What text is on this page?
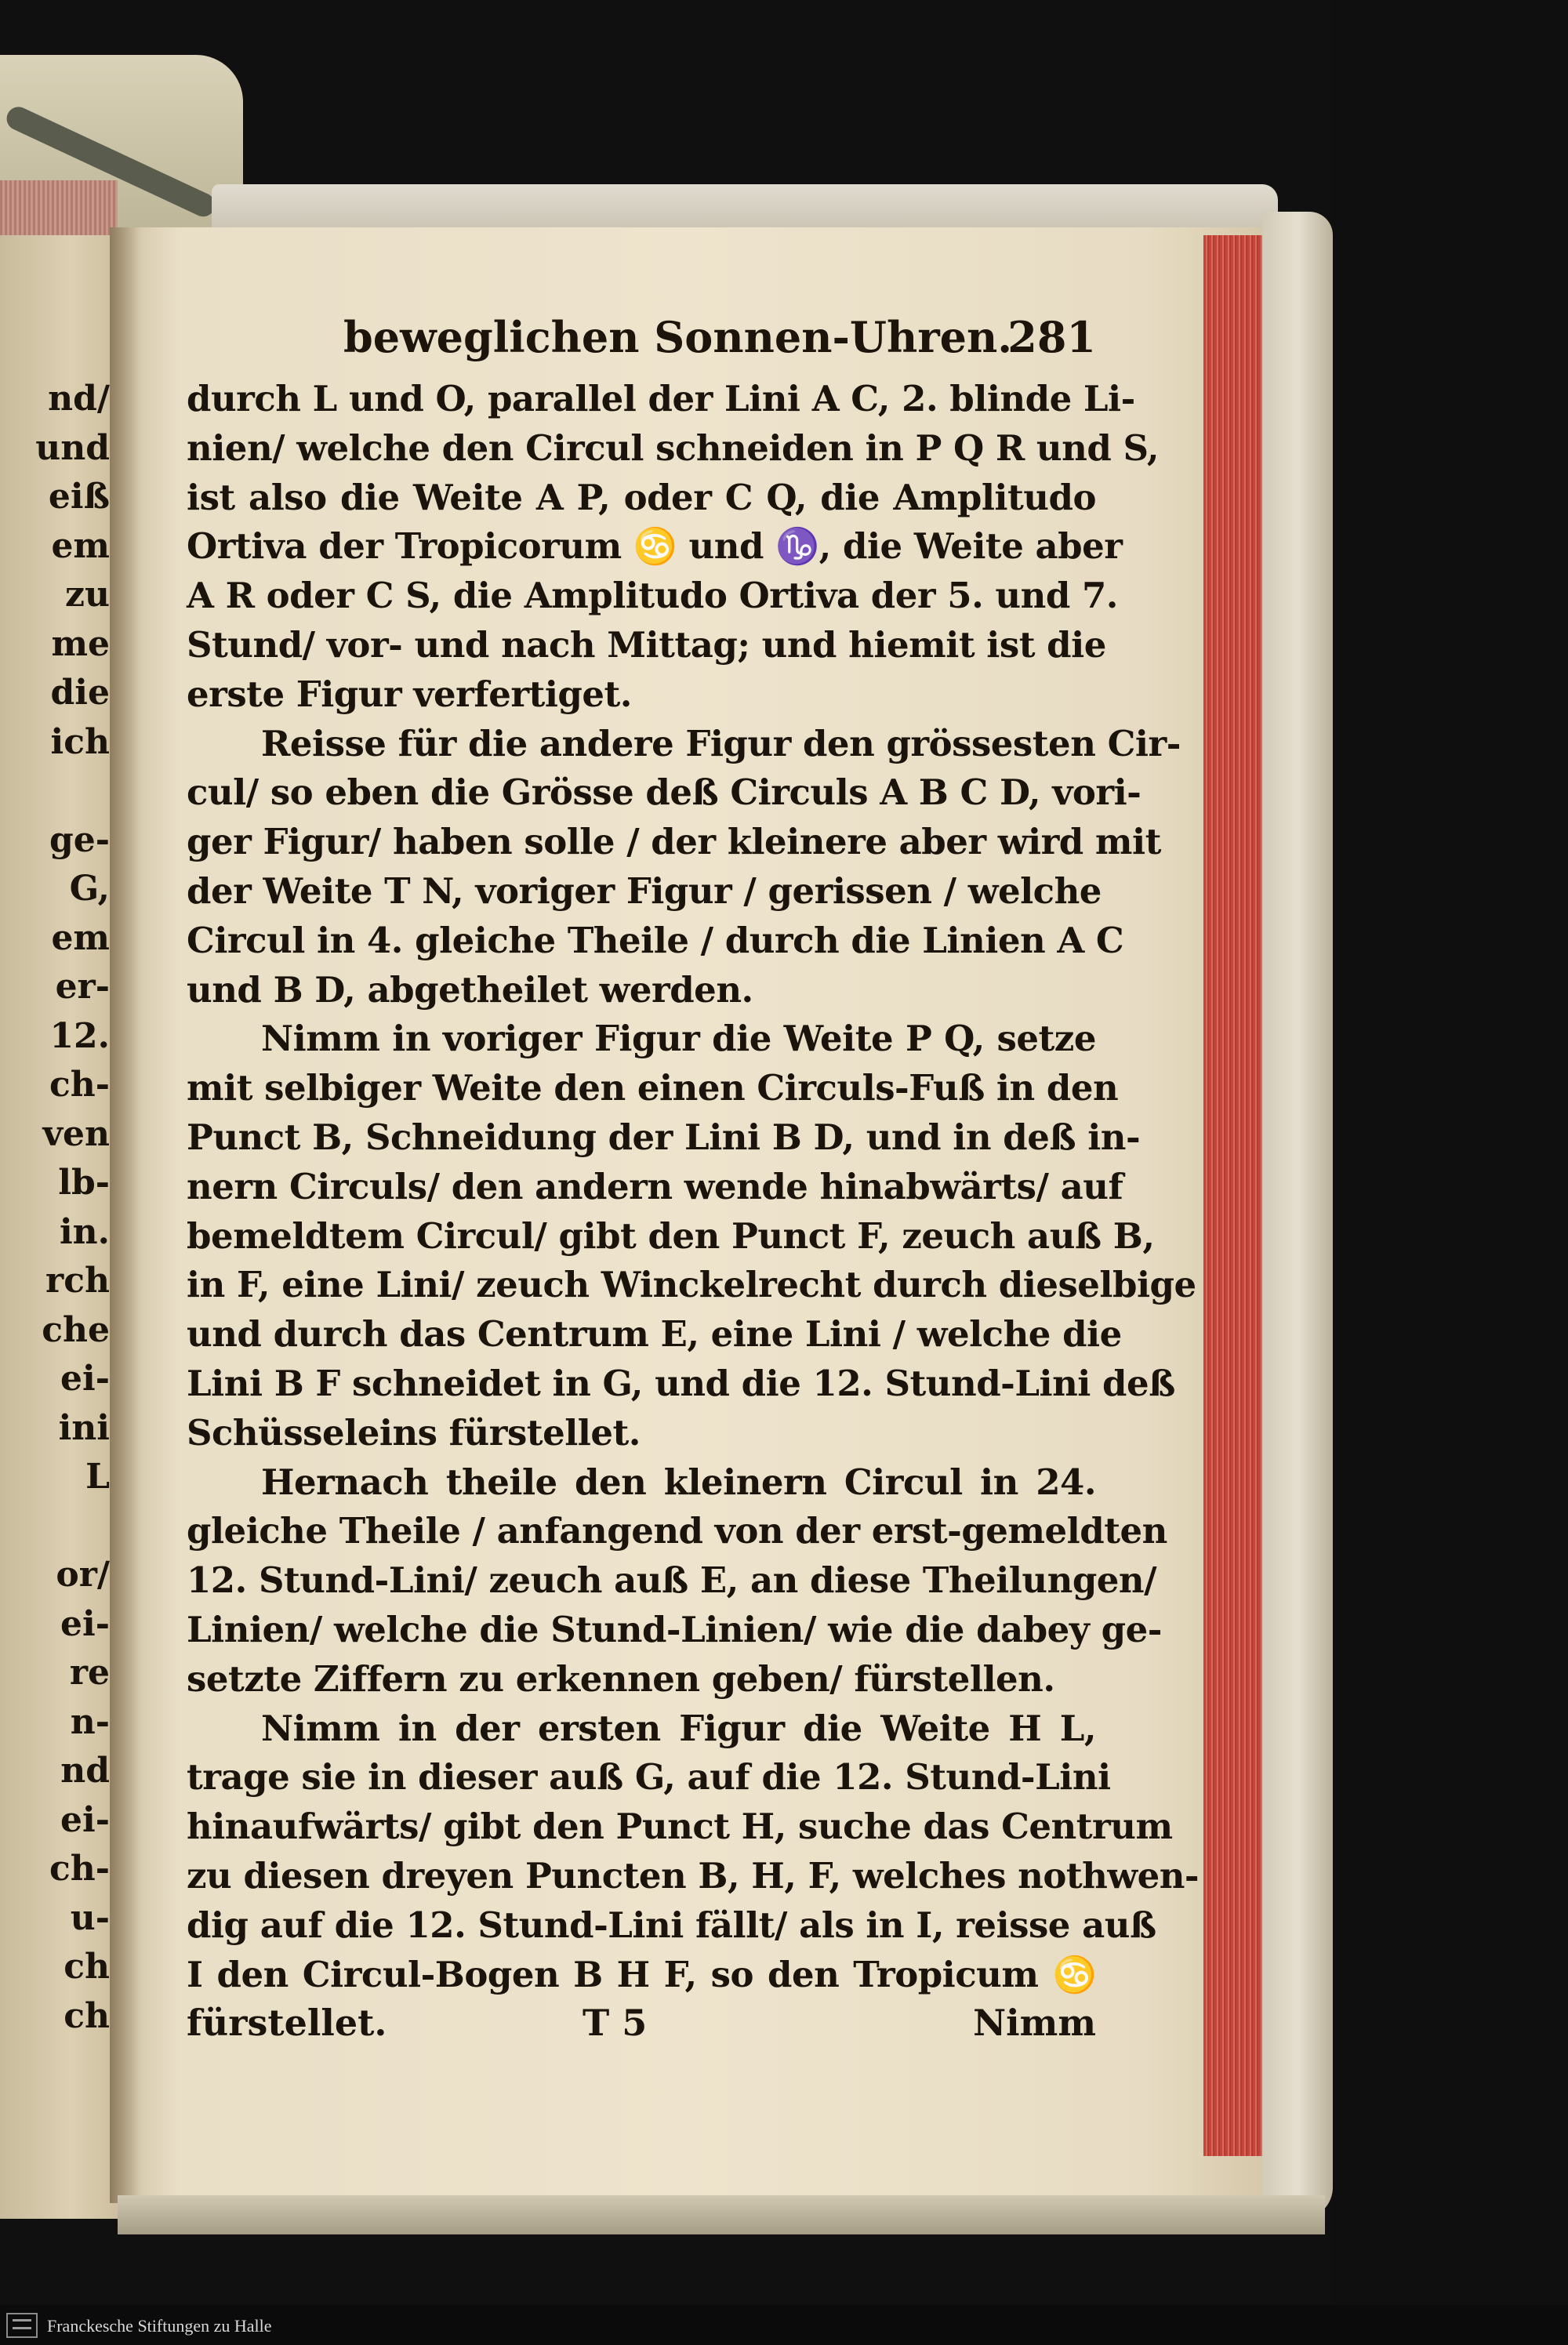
nd/
und
eiß
em
zu
me
die
ich
ge-
G,
em
er-
12.
ch-
ven
lb-
in.
rch
che
ei-
ini
L
or/
ei-
re
n-
nd
ei-
ch-
u-
ch
ch
beweglichen Sonnen-Uhren.
281
durch L und O, parallel der Lini A C, 2. blinde Li-
nien/ welche den Circul schneiden in P Q R und S,
ist also die Weite A P, oder C Q, die Amplitudo
Ortiva der Tropicorum ♋ und ♑, die Weite aber
A R oder C S, die Amplitudo Ortiva der 5. und 7.
Stund/ vor- und nach Mittag; und hiemit ist die
erste Figur verfertiget.
Reisse für die andere Figur den grössesten Cir-
cul/ so eben die Grösse deß Circuls A B C D, vori-
ger Figur/ haben solle / der kleinere aber wird mit
der Weite T N, voriger Figur / gerissen / welche
Circul in 4. gleiche Theile / durch die Linien A C
und B D, abgetheilet werden.
Nimm in voriger Figur die Weite P Q, setze
mit selbiger Weite den einen Circuls-Fuß in den
Punct B, Schneidung der Lini B D, und in deß in-
nern Circuls/ den andern wende hinabwärts/ auf
bemeldtem Circul/ gibt den Punct F, zeuch auß B,
in F, eine Lini/ zeuch Winckelrecht durch dieselbige
und durch das Centrum E, eine Lini / welche die
Lini B F schneidet in G, und die 12. Stund-Lini deß
Schüsseleins fürstellet.
Hernach theile den kleinern Circul in 24.
gleiche Theile / anfangend von der erst-gemeldten
12. Stund-Lini/ zeuch auß E, an diese Theilungen/
Linien/ welche die Stund-Linien/ wie die dabey ge-
setzte Ziffern zu erkennen geben/ fürstellen.
Nimm in der ersten Figur die Weite H L,
trage sie in dieser auß G, auf die 12. Stund-Lini
hinaufwärts/ gibt den Punct H, suche das Centrum
zu diesen dreyen Puncten B, H, F, welches nothwen-
dig auf die 12. Stund-Lini fällt/ als in I, reisse auß
I den Circul-Bogen B H F, so den Tropicum ♋
fürstellet.	T 5	Nimm
Franckesche Stiftungen zu Halle
